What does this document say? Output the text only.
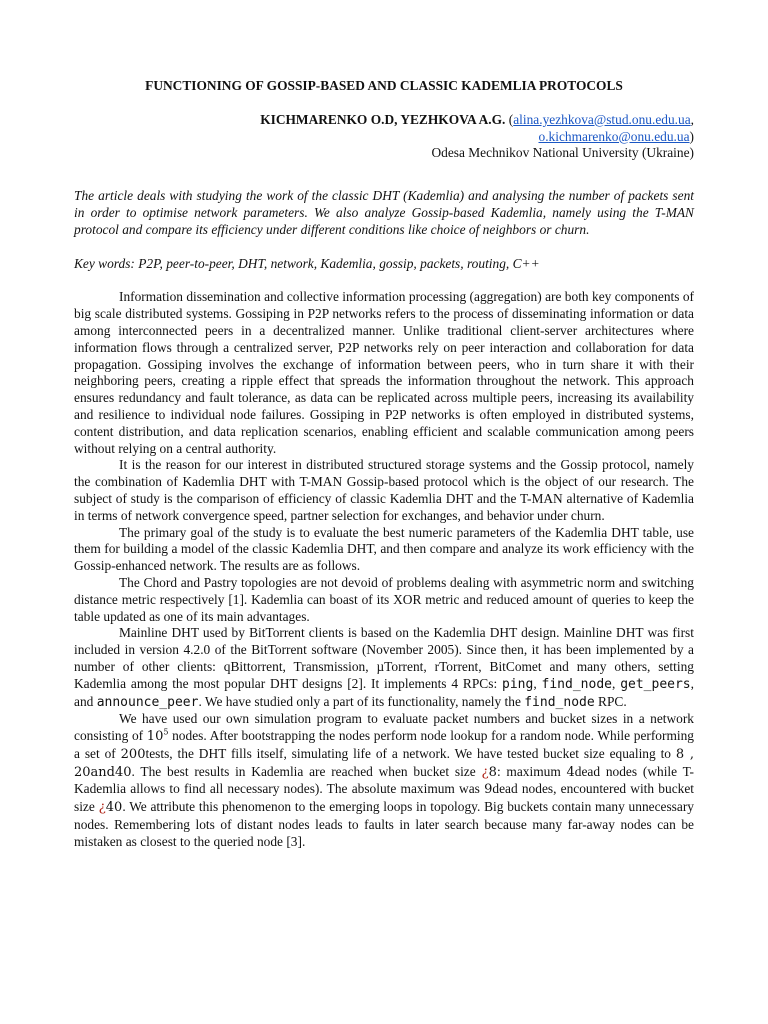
FUNCTIONING OF GOSSIP-BASED AND CLASSIC KADEMLIA PROTOCOLS
KICHMARENKO O.D, YEZHKOVA A.G. (alina.yezhkova@stud.onu.edu.ua,
o.kichmarenko@onu.edu.ua)
Odesa Mechnikov National University (Ukraine)
The article deals with studying the work of the classic DHT (Kademlia) and analysing the number of packets sent in order to optimise network parameters. We also analyze Gossip-based Kademlia, namely using the T-MAN protocol and compare its efficiency under different conditions like choice of neighbors or churn.
Key words: P2P, peer-to-peer, DHT, network, Kademlia, gossip, packets, routing, C++

Information dissemination and collective information processing (aggregation) are both key components of big scale distributed systems. Gossiping in P2P networks refers to the process of disseminating information or data among interconnected peers in a decentralized manner. Unlike traditional client-server architectures where information flows through a centralized server, P2P networks rely on peer interaction and collaboration for data propagation. Gossiping involves the exchange of information between peers, who in turn share it with their neighboring peers, creating a ripple effect that spreads the information throughout the network. This approach ensures redundancy and fault tolerance, as data can be replicated across multiple peers, increasing its availability and resilience to individual node failures. Gossiping in P2P networks is often employed in distributed systems, content distribution, and data replication scenarios, enabling efficient and scalable communication among peers without relying on a central authority.

It is the reason for our interest in distributed structured storage systems and the Gossip protocol, namely the combination of Kademlia DHT with T-MAN Gossip-based protocol which is the object of our research. The subject of study is the comparison of efficiency of classic Kademlia DHT and the T-MAN alternative of Kademlia in terms of network convergence speed, partner selection for exchanges, and behavior under churn.

The primary goal of the study is to evaluate the best numeric parameters of the Kademlia DHT table, use them for building a model of the classic Kademlia DHT, and then compare and analyze its work efficiency with the Gossip-enhanced network. The results are as follows.

The Chord and Pastry topologies are not devoid of problems dealing with asymmetric norm and switching distance metric respectively [1]. Kademlia can boast of its XOR metric and reduced amount of queries to keep the table updated as one of its main advantages.

Mainline DHT used by BitTorrent clients is based on the Kademlia DHT design. Mainline DHT was first included in version 4.2.0 of the BitTorrent software (November 2005). Since then, it has been implemented by a number of other clients: qBittorrent, Transmission, µTorrent, rTorrent, BitComet and many others, setting Kademlia among the most popular DHT designs [2]. It implements 4 RPCs: ping, find_node, get_peers, and announce_peer. We have studied only a part of its functionality, namely the find_node RPC.

We have used our own simulation program to evaluate packet numbers and bucket sizes in a network consisting of $10^5$ nodes. After bootstrapping the nodes perform node lookup for a random node. While performing a set of 200tests, the DHT fills itself, simulating life of a network. We have tested bucket size equaling to 8 , 20and40. The best results in Kademlia are reached when bucket size ¿8: maximum 4dead nodes (while T-Kademlia allows to find all necessary nodes). The absolute maximum was 9dead nodes, encountered with bucket size ¿40. We attribute this phenomenon to the emerging loops in topology. Big buckets contain many unnecessary nodes. Remembering lots of distant nodes leads to faults in later search because many far-away nodes can be mistaken as closest to the queried node [3].
